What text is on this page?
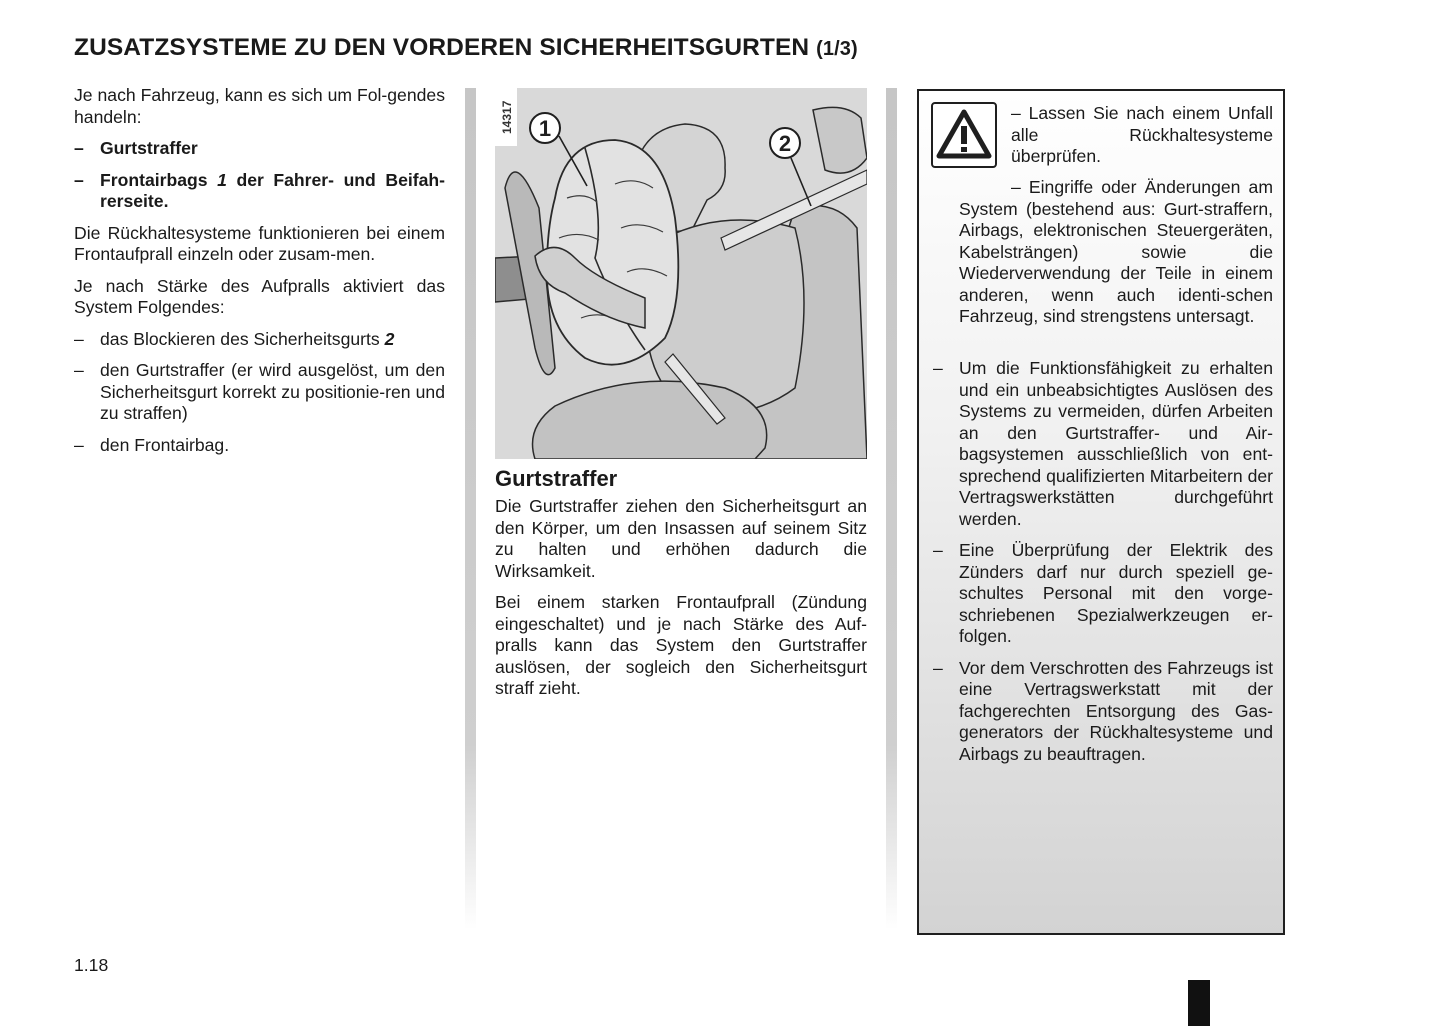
ZUSATZSYSTEME ZU DEN VORDEREN SICHERHEITSGURTEN (1/3)

Je nach Fahrzeug, kann es sich um Fol-gendes handeln:

– Gurtstraffer
– Frontairbags 1 der Fahrer- und Beifah-rerseite.

Die Rückhaltesysteme funktionieren bei einem Frontaufprall einzeln oder zusam-men.

Je nach Stärke des Aufpralls aktiviert das System Folgendes:

– das Blockieren des Sicherheitsgurts 2
– den Gurtstraffer (er wird ausgelöst, um den Sicherheitsgurt korrekt zu positionie-ren und zu straffen)
– den Frontairbag.
1
2
14317
Gurtstraffer

Die Gurtstraffer ziehen den Sicherheitsgurt an den Körper, um den Insassen auf seinem Sitz zu halten und erhöhen dadurch die Wirksamkeit.

Bei einem starken Frontaufprall (Zündung eingeschaltet) und je nach Stärke des Auf-pralls kann das System den Gurtstraffer auslösen, der sogleich den Sicherheitsgurt straff zieht.

– Lassen Sie nach einem Unfall alle Rückhaltesysteme überprüfen.

– Eingriffe oder Änderungen am System (bestehend aus: Gurt-straffern, Airbags, elektronischen Steuergeräten, Kabelsträngen) sowie die Wiederverwendung der Teile in einem anderen, wenn auch identi-schen Fahrzeug, sind strengstens untersagt.

– Um die Funktionsfähigkeit zu erhalten und ein unbeabsichtigtes Auslösen des Systems zu vermeiden, dürfen Arbeiten an den Gurtstraffer- und Air-bagsystemen ausschließlich von ent-sprechend qualifizierten Mitarbeitern der Vertragswerkstätten durchgeführt werden.
– Eine Überprüfung der Elektrik des Zünders darf nur durch speziell ge-schultes Personal mit den vorge-schriebenen Spezialwerkzeugen er-folgen.
– Vor dem Verschrotten des Fahrzeugs ist eine Vertragswerkstatt mit der fachgerechten Entsorgung des Gas-generators der Rückhaltesysteme und Airbags zu beauftragen.
1.18
